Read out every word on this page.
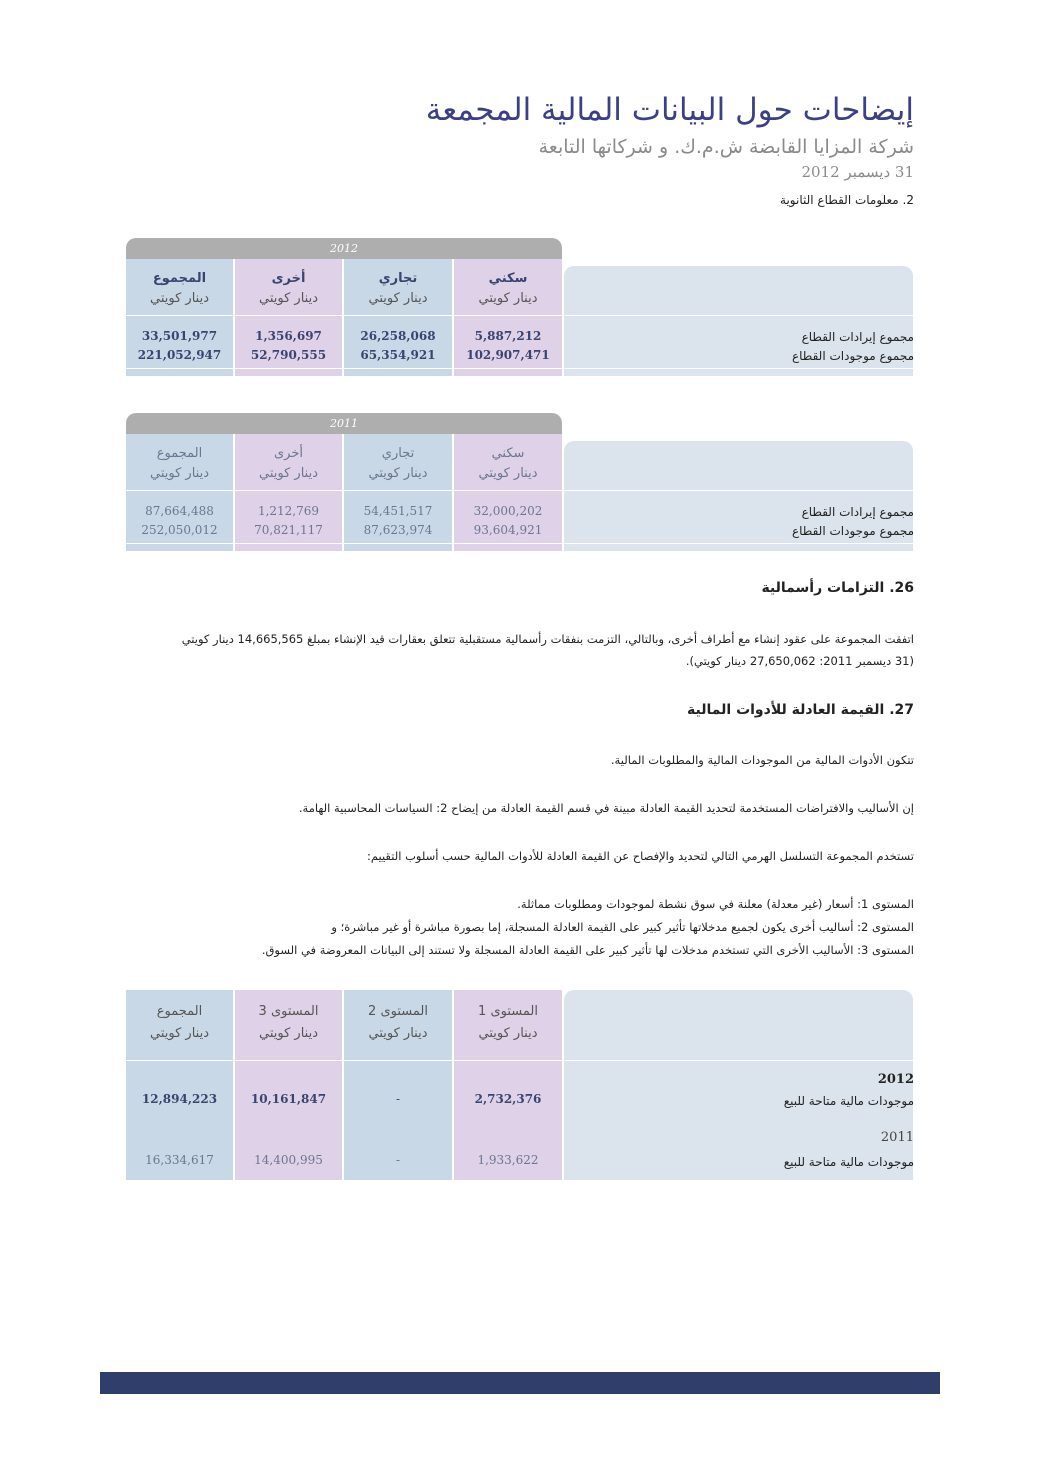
إيضاحات حول البيانات المالية المجمعة
شركة المزايا القابضة ش.م.ك. و شركاتها التابعة
31 ديسمبر 2012
2. معلومات القطاع الثانوية
2012
سكني
دينار كويتي
5,887,212
102,907,471
تجاري
دينار كويتي
26,258,068
65,354,921
أخرى
دينار كويتي
1,356,697
52,790,555
المجموع
دينار كويتي
33,501,977
221,052,947
مجموع إيرادات القطاع
مجموع موجودات القطاع
2011
سكني
دينار كويتي
32,000,202
93,604,921
تجاري
دينار كويتي
54,451,517
87,623,974
أخرى
دينار كويتي
1,212,769
70,821,117
المجموع
دينار كويتي
87,664,488
252,050,012
مجموع إيرادات القطاع
مجموع موجودات القطاع
26. التزامات رأسمالية
اتفقت المجموعة على عقود إنشاء مع أطراف أخرى، وبالتالي، التزمت بنفقات رأسمالية مستقبلية تتعلق بعقارات قيد الإنشاء بمبلغ 14,665,565 دينار كويتي
(31 ديسمبر 2011: 27,650,062 دينار كويتي).
27. القيمة العادلة للأدوات المالية
تتكون الأدوات المالية من الموجودات المالية والمطلوبات المالية.
إن الأساليب والافتراضات المستخدمة لتحديد القيمة العادلة مبينة في قسم القيمة العادلة من إيضاح 2: السياسات المحاسبية الهامة.
تستخدم المجموعة التسلسل الهرمي التالي لتحديد والإفصاح عن القيمة العادلة للأدوات المالية حسب أسلوب التقييم:
المستوى 1: أسعار (غير معدلة) معلنة في سوق نشطة لموجودات ومطلوبات مماثلة.
المستوى 2: أساليب أخرى يكون لجميع مدخلاتها تأثير كبير على القيمة العادلة المسجلة، إما بصورة مباشرة أو غير مباشرة؛ و
المستوى 3: الأساليب الأخرى التي تستخدم مدخلات لها تأثير كبير على القيمة العادلة المسجلة ولا تستند إلى البيانات المعروضة في السوق.
المستوى 1
دينار كويتي
2,732,376
1,933,622
المستوى 2
دينار كويتي
-
-
المستوى 3
دينار كويتي
10,161,847
14,400,995
المجموع
دينار كويتي
12,894,223
16,334,617
2012
موجودات مالية متاحة للبيع
2011
موجودات مالية متاحة للبيع
